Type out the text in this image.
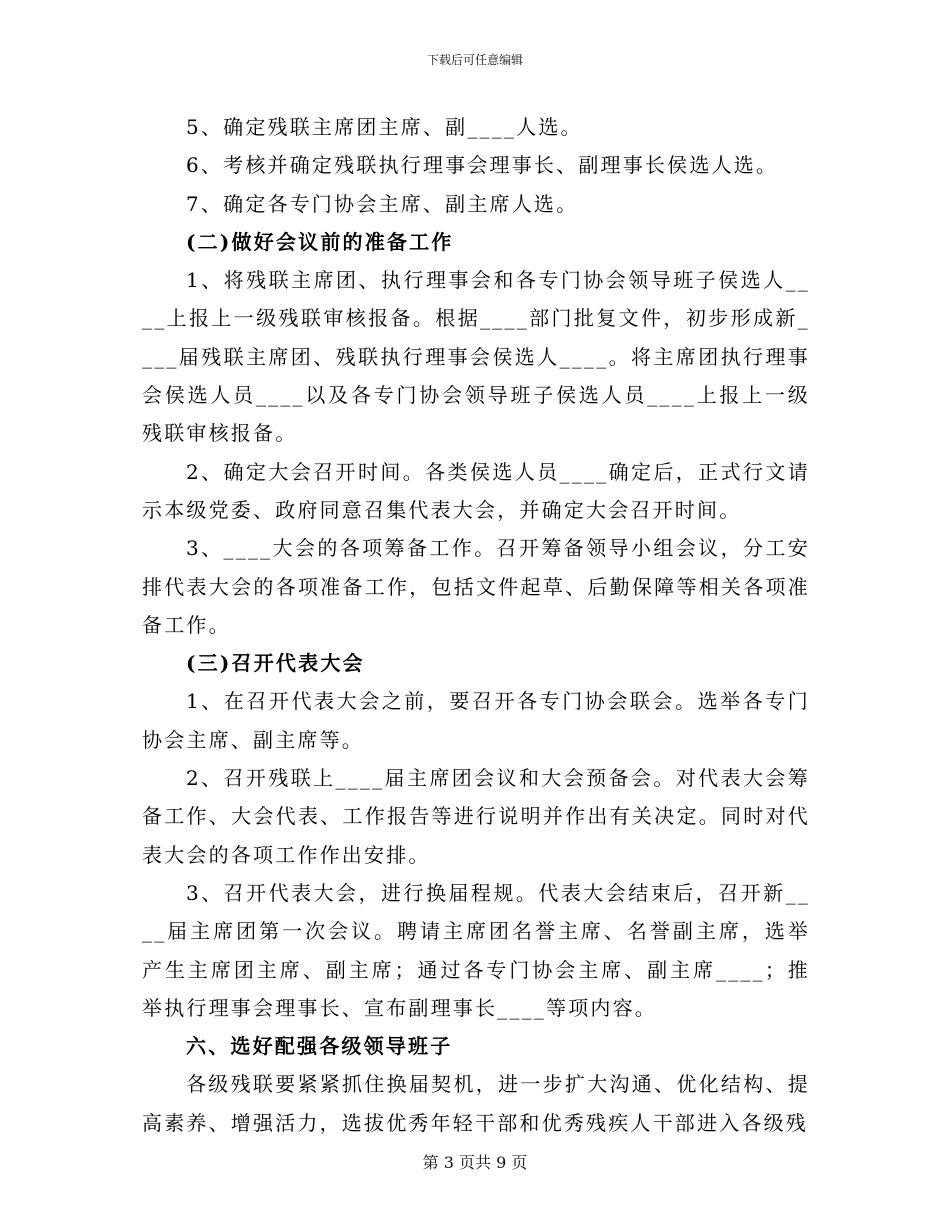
下载后可任意编辑

5、确定残联主席团主席、副____人选。

6、考核并确定残联执行理事会理事长、副理事长侯选人选。

7、确定各专门协会主席、副主席人选。

(二)做好会议前的准备工作

1、将残联主席团、执行理事会和各专门协会领导班子侯选人____上报上一级残联审核报备。根据____部门批复文件，初步形成新____届残联主席团、残联执行理事会侯选人____。将主席团执行理事会侯选人员____以及各专门协会领导班子侯选人员____上报上一级残联审核报备。

2、确定大会召开时间。各类侯选人员____确定后，正式行文请示本级党委、政府同意召集代表大会，并确定大会召开时间。

3、____大会的各项筹备工作。召开筹备领导小组会议，分工安排代表大会的各项准备工作，包括文件起草、后勤保障等相关各项准备工作。

(三)召开代表大会

1、在召开代表大会之前，要召开各专门协会联会。选举各专门协会主席、副主席等。

2、召开残联上____届主席团会议和大会预备会。对代表大会筹备工作、大会代表、工作报告等进行说明并作出有关决定。同时对代表大会的各项工作作出安排。

3、召开代表大会，进行换届程规。代表大会结束后，召开新____届主席团第一次会议。聘请主席团名誉主席、名誉副主席，选举产生主席团主席、副主席；通过各专门协会主席、副主席____；推举执行理事会理事长、宣布副理事长____等项内容。

六、选好配强各级领导班子

各级残联要紧紧抓住换届契机，进一步扩大沟通、优化结构、提高素养、增强活力，选拔优秀年轻干部和优秀残疾人干部进入各级残

第 3 页共 9 页
